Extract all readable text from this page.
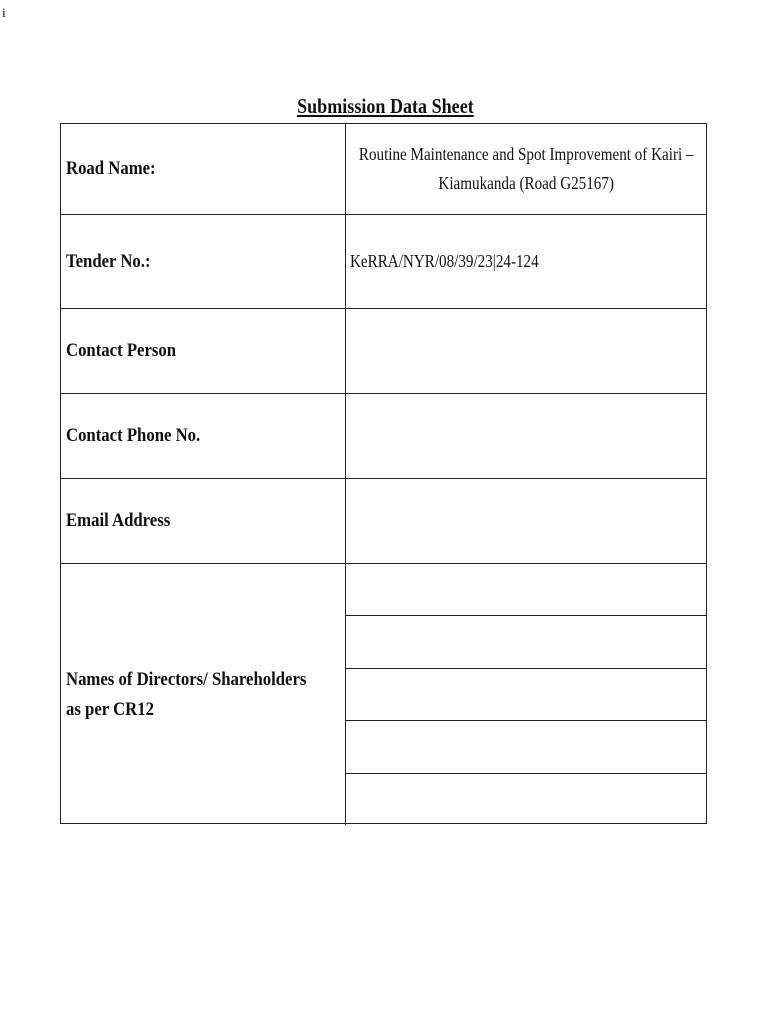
i
Submission Data Sheet
Road Name:
Routine Maintenance and Spot Improvement of Kairi –
Kiamukanda (Road G25167)
Tender No.:	KeRRA/NYR/08/39/23|24-124
Contact Person
Contact Phone No.
Email Address
Names of Directors/ Shareholders
as per CR12
